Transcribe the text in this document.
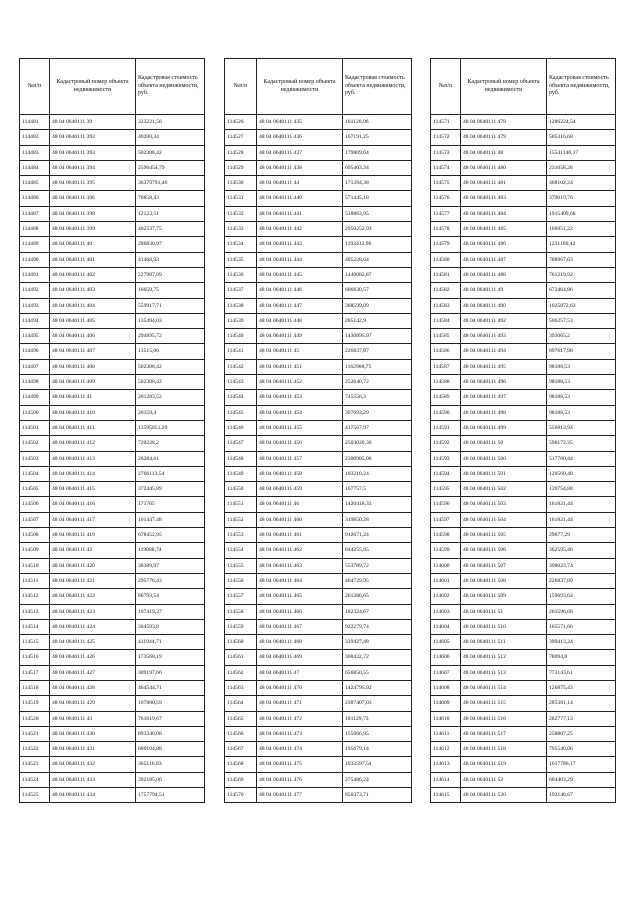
№п/п	Кадастровый номер объекта недвижимости	Кадастровая стоимость объекта недвижимости, руб.
114481	48 04 0640111 39	323221,56
114482	48 04 0640111 392	40200,34
114483	48 04 0640111 393	502308,42
114484	48 04 0640111 394	2596454,79
114485	48 04 0640111 395	36379791,46
114486	48 04 0640111 396	70858,43
114487	48 04 0640111 398	12123,51
114488	48 04 0640111 399	402537,75
114489	48 04 0640111 40	286830,97
114490	48 04 0640111 401	41468,93
114491	48 04 0640111 402	227987,89
114492	48 04 0640111 403	16659,75
114493	48 04 0640111 404	559917,71
114494	48 04 0640111 405	135494,03
114495	48 04 0640111 406	294895,72
114496	48 04 0640111 407	13515,06
114497	48 04 0640111 408	502308,42
114498	48 04 0640111 409	502308,42
114499	48 04 0640111 41	201283,52
114500	48 04 0640111 410	20159,4
114501	48 04 0640111 411	13595851,29
114502	48 04 0640111 412	720228,2
114503	48 04 0640111 413	20284,61
114504	48 04 0640111 414	2766113,54
114505	48 04 0640111 415	372445,89
114506	48 04 0640111 416	171765
114507	48 04 0640111 417	101447,48
114508	48 04 0640111 419	678452,95
114509	48 04 0640111 42	119088,74
114510	48 04 0640111 420	38389,97
114511	48 04 0640111 421	295776,43
114512	48 04 0640111 422	80793,54
114513	48 04 0640111 423	107419,37
114514	48 04 0640111 424	304593,8
114515	48 04 0640111 425	411944,71
114516	48 04 0640111 426	173568,19
114517	48 04 0640111 427	309197,66
114518	48 04 0640111 428	464544,71
114519	48 04 0640111 429	107880,59
114520	48 04 0640111 43	761619,67
114521	48 04 0640111 430	893340,08
114522	48 04 0640111 431	680104,88
114523	48 04 0640111 432	365116,83
114524	48 04 0640111 433	392185,06
114525	48 04 0640111 434	1757794,51
№п/п	Кадастровый номер объекта недвижимости	Кадастровая стоимость объекта недвижимости, руб.
114526	48 04 0640111 435	161120,06
114527	48 04 0640111 436	167191,25
114528	48 04 0640111 437	179809,64
114529	48 04 0640111 438	695403,34
114530	48 04 0640111 44	171394,38
114531	48 04 0640111 440	571445,18
114532	48 04 0640111 441	518863,95
114533	48 04 0640111 442	2950252,93
114534	48 04 0640111 443	1193412,96
114535	48 04 0640111 444	405228,64
114536	48 04 0640111 445	1446082,87
114537	48 04 0640111 446	606830,57
114538	48 04 0640111 447	368599,09
114539	48 04 0640111 448	285142,9
114540	48 04 0640111 449	1430895,97
114541	48 04 0640111 45	226837,87
114542	48 04 0640111 451	1162988,75
114543	48 04 0640111 452	252040,72
114544	48 04 0640111 453	745556,3
114545	48 04 0640111 454	397693,29
114546	48 04 0640111 455	417567,97
114547	48 04 0640111 456	2503020,36
114548	48 04 0640111 457	2300985,06
114549	48 04 0640111 458	103210,24
114550	48 04 0640111 459	167757,5
114551	48 04 0640111 46	1420418,33
114552	48 04 0640111 460	319850,28
114553	48 04 0640111 461	912671,24
114554	48 04 0640111 462	644255,95
114555	48 04 0640111 463	553789,72
114556	48 04 0640111 464	464729,95
114557	48 04 0640111 465	261286,65
114558	48 04 0640111 466	182324,67
114559	48 04 0640111 467	922279,74
114560	48 04 0640111 468	339427,48
114561	48 04 0640111 469	308432,72
114562	48 04 0640111 47	656850,55
114563	48 04 0640111 470	1424795,92
114564	48 04 0640111 471	2387407,03
114565	48 04 0640111 472	181129,73
114566	48 04 0640111 473	155066,95
114567	48 04 0640111 474	195679,14
114568	48 04 0640111 475	1033597,54
114569	48 04 0640111 476	275486,24
114570	48 04 0640111 477	850373,71
№п/п	Кадастровый номер объекта недвижимости	Кадастровая стоимость объекта недвижимости, руб.
114571	48 04 0640111 478	1286224,54
114572	48 04 0640111 479	505316,68
114573	48 04 0640111 48	15541140,17
114574	48 04 0640111 480	231058,28
114575	48 04 0640111 481	468102,24
114576	48 04 0640111 483	379019,76
114577	48 04 0640111 484	1915409,68
114578	48 04 0640111 485	166951,22
114579	48 04 0640111 486	1231160,42
114580	48 04 0640111 487	788967,63
114581	48 04 0640111 488	761219,92
114582	48 04 0640111 49	673464,86
114583	48 04 0640111 490	1025872,63
114584	48 04 0640111 492	506257,53
114585	48 04 0640111 493	393065,2
114586	48 04 0640111 494	897617,98
114587	48 04 0640111 495	98188,53
114588	48 04 0640111 496	98188,53
114589	48 04 0640111 497	98188,53
114590	48 04 0640111 498	98188,53
114591	48 04 0640111 499	556813,94
114592	48 04 0640111 50	596172,35
114593	48 04 0640111 500	517760,44
114594	48 04 0640111 501	120560,48
114595	48 04 0640111 502	139754,88
114596	48 04 0640111 503	161821,44
114597	48 04 0640111 504	161821,44
114598	48 04 0640111 505	29677,29
114599	48 04 0640111 506	362595,46
114600	48 04 0640111 507	398023,74
114601	48 04 0640111 508	226837,89
114602	48 04 0640111 509	159693,64
114603	48 04 0640111 51	261596,66
114604	48 04 0640111 510	165571,66
114605	48 04 0640111 511	399413,24
114606	48 04 0640111 512	78094,8
114607	48 04 0640111 513	773143,61
114608	48 04 0640111 514	126875,43
114609	48 04 0640111 515	285381,14
114610	48 04 0640111 516	282777,13
114611	48 04 0640111 517	258807,25
114612	48 04 0640111 518	795540,06
114613	48 04 0640111 519	1017786,17
114614	48 04 0640111 52	604403,29
114615	48 04 0640111 520	192148,67
